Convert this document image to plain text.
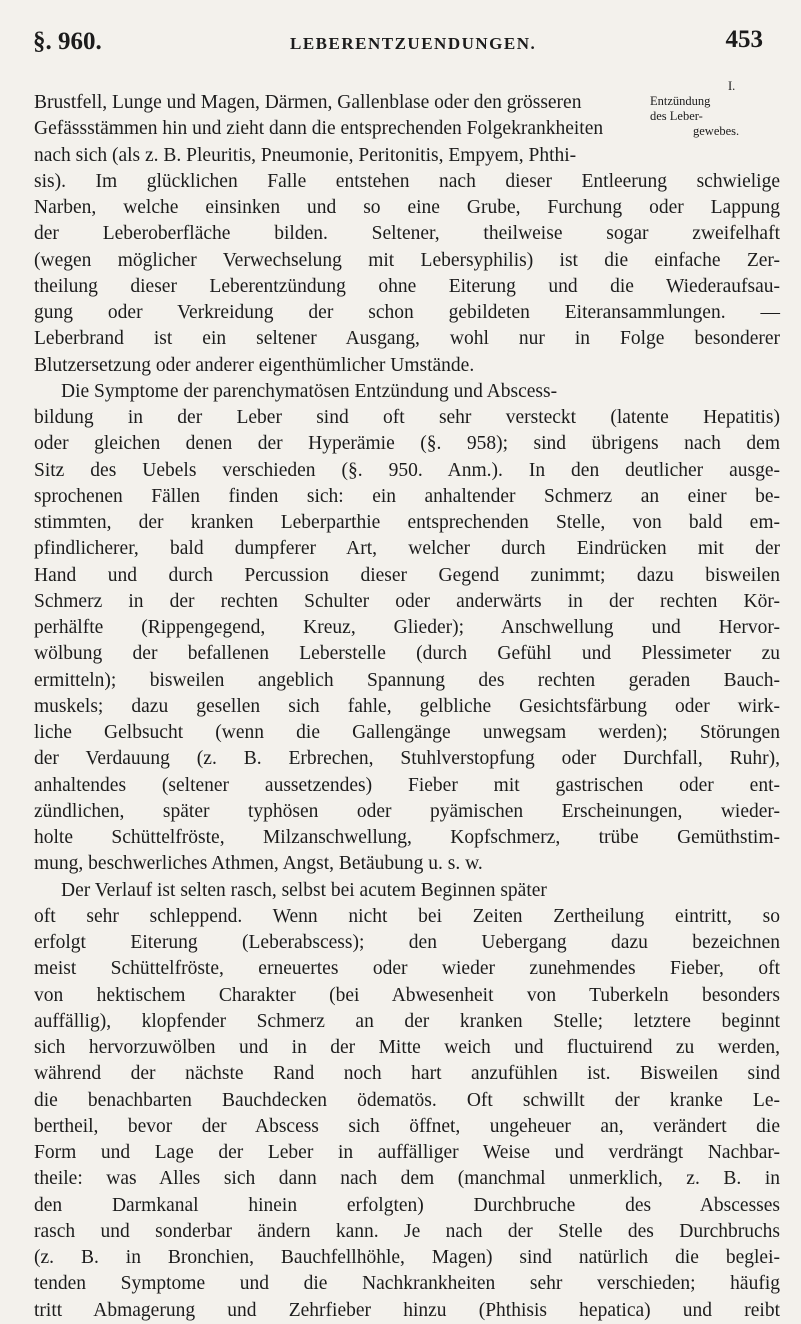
§. 960.	LEBERENTZUENDUNGEN.	453
I.
Entzündung
des Leber-
gewebes.
Brustfell, Lunge und Magen, Därmen, Gallenblase oder den grösseren
Gefässstämmen hin und zieht dann die entsprechenden Folgekrankheiten
nach sich (als z. B. Pleuritis, Pneumonie, Peritonitis, Empyem, Phthi-
sis). Im glücklichen Falle entstehen nach dieser Entleerung schwielige
Narben, welche einsinken und so eine Grube, Furchung oder Lappung
der Leberoberfläche bilden. Seltener, theilweise sogar zweifelhaft
(wegen möglicher Verwechselung mit Lebersyphilis) ist die einfache Zer-
theilung dieser Leberentzündung ohne Eiterung und die Wiederaufsau-
gung oder Verkreidung der schon gebildeten Eiteransammlungen. —
Leberbrand ist ein seltener Ausgang, wohl nur in Folge besonderer
Blutzersetzung oder anderer eigenthümlicher Umstände.
Die Symptome der parenchymatösen Entzündung und Abscess-
bildung in der Leber sind oft sehr versteckt (latente Hepatitis)
oder gleichen denen der Hyperämie (§. 958); sind übrigens nach dem
Sitz des Uebels verschieden (§. 950. Anm.). In den deutlicher ausge-
sprochenen Fällen finden sich: ein anhaltender Schmerz an einer be-
stimmten, der kranken Leberparthie entsprechenden Stelle, von bald em-
pfindlicherer, bald dumpferer Art, welcher durch Eindrücken mit der
Hand und durch Percussion dieser Gegend zunimmt; dazu bisweilen
Schmerz in der rechten Schulter oder anderwärts in der rechten Kör-
perhälfte (Rippengegend, Kreuz, Glieder); Anschwellung und Hervor-
wölbung der befallenen Leberstelle (durch Gefühl und Plessimeter zu
ermitteln); bisweilen angeblich Spannung des rechten geraden Bauch-
muskels; dazu gesellen sich fahle, gelbliche Gesichtsfärbung oder wirk-
liche Gelbsucht (wenn die Gallengänge unwegsam werden); Störungen
der Verdauung (z. B. Erbrechen, Stuhlverstopfung oder Durchfall, Ruhr),
anhaltendes (seltener aussetzendes) Fieber mit gastrischen oder ent-
zündlichen, später typhösen oder pyämischen Erscheinungen, wieder-
holte Schüttelfröste, Milzanschwellung, Kopfschmerz, trübe Gemüthstim-
mung, beschwerliches Athmen, Angst, Betäubung u. s. w.
Der Verlauf ist selten rasch, selbst bei acutem Beginnen später
oft sehr schleppend. Wenn nicht bei Zeiten Zertheilung eintritt, so
erfolgt Eiterung (Leberabscess); den Uebergang dazu bezeichnen
meist Schüttelfröste, erneuertes oder wieder zunehmendes Fieber, oft
von hektischem Charakter (bei Abwesenheit von Tuberkeln besonders
auffällig), klopfender Schmerz an der kranken Stelle; letztere beginnt
sich hervorzuwölben und in der Mitte weich und fluctuirend zu werden,
während der nächste Rand noch hart anzufühlen ist. Bisweilen sind
die benachbarten Bauchdecken ödematös. Oft schwillt der kranke Le-
bertheil, bevor der Abscess sich öffnet, ungeheuer an, verändert die
Form und Lage der Leber in auffälliger Weise und verdrängt Nachbar-
theile: was Alles sich dann nach dem (manchmal unmerklich, z. B. in
den Darmkanal hinein erfolgten) Durchbruche des Abscesses
rasch und sonderbar ändern kann. Je nach der Stelle des Durchbruchs
(z. B. in Bronchien, Bauchfellhöhle, Magen) sind natürlich die beglei-
tenden Symptome und die Nachkrankheiten sehr verschieden; häufig
tritt Abmagerung und Zehrfieber hinzu (Phthisis hepatica) und reibt
